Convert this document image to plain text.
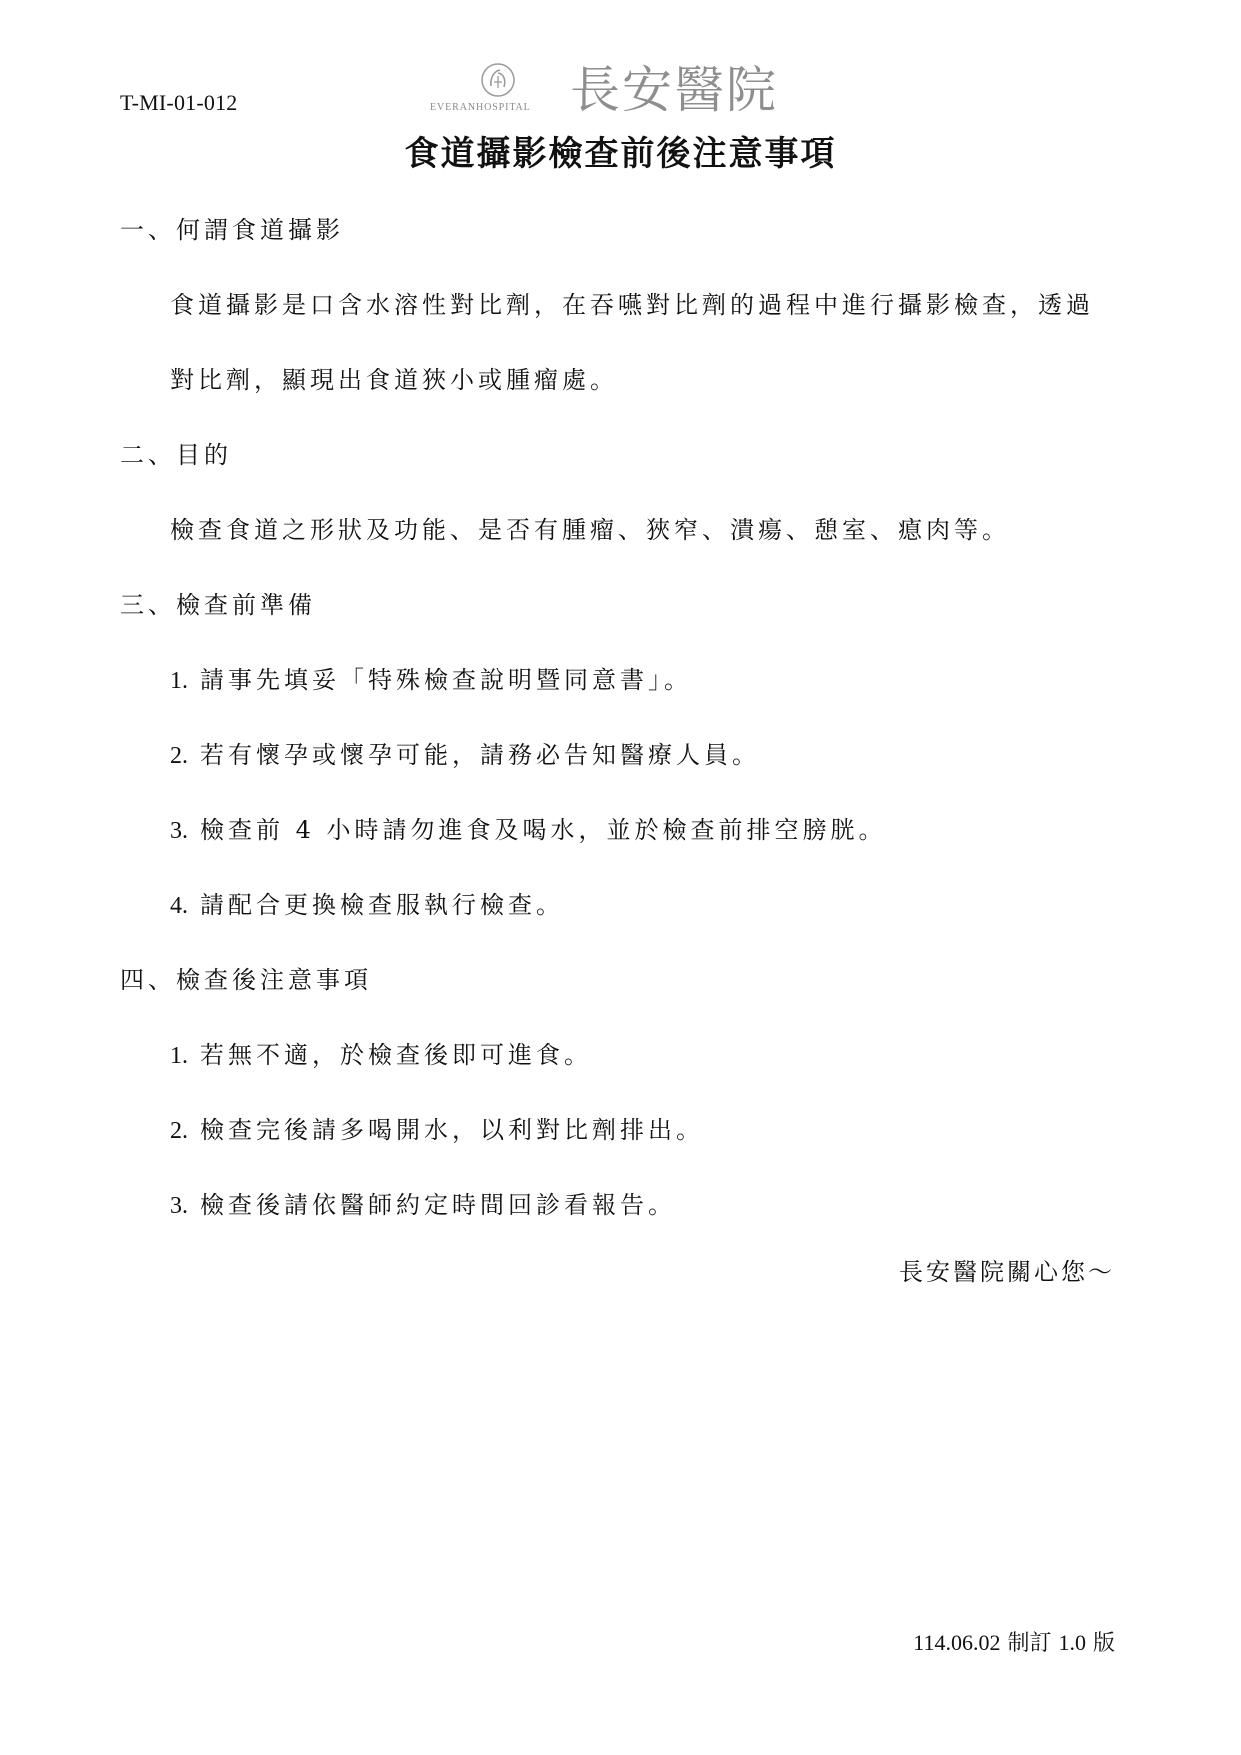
T-MI-01-012	EVERANHOSPITAL 長安醫院
食道攝影檢查前後注意事項
一、何謂食道攝影
食道攝影是口含水溶性對比劑，在吞嚥對比劑的過程中進行攝影檢查，透過
對比劑，顯現出食道狹小或腫瘤處。
二、目的
檢查食道之形狀及功能、是否有腫瘤、狹窄、潰瘍、憩室、瘜肉等。
三、檢查前準備
1. 請事先填妥「特殊檢查說明暨同意書」。
2. 若有懷孕或懷孕可能，請務必告知醫療人員。
3. 檢查前 4 小時請勿進食及喝水，並於檢查前排空膀胱。
4. 請配合更換檢查服執行檢查。
四、檢查後注意事項
1. 若無不適，於檢查後即可進食。
2. 檢查完後請多喝開水，以利對比劑排出。
3. 檢查後請依醫師約定時間回診看報告。
長安醫院關心您～
114.06.02 制訂 1.0 版
